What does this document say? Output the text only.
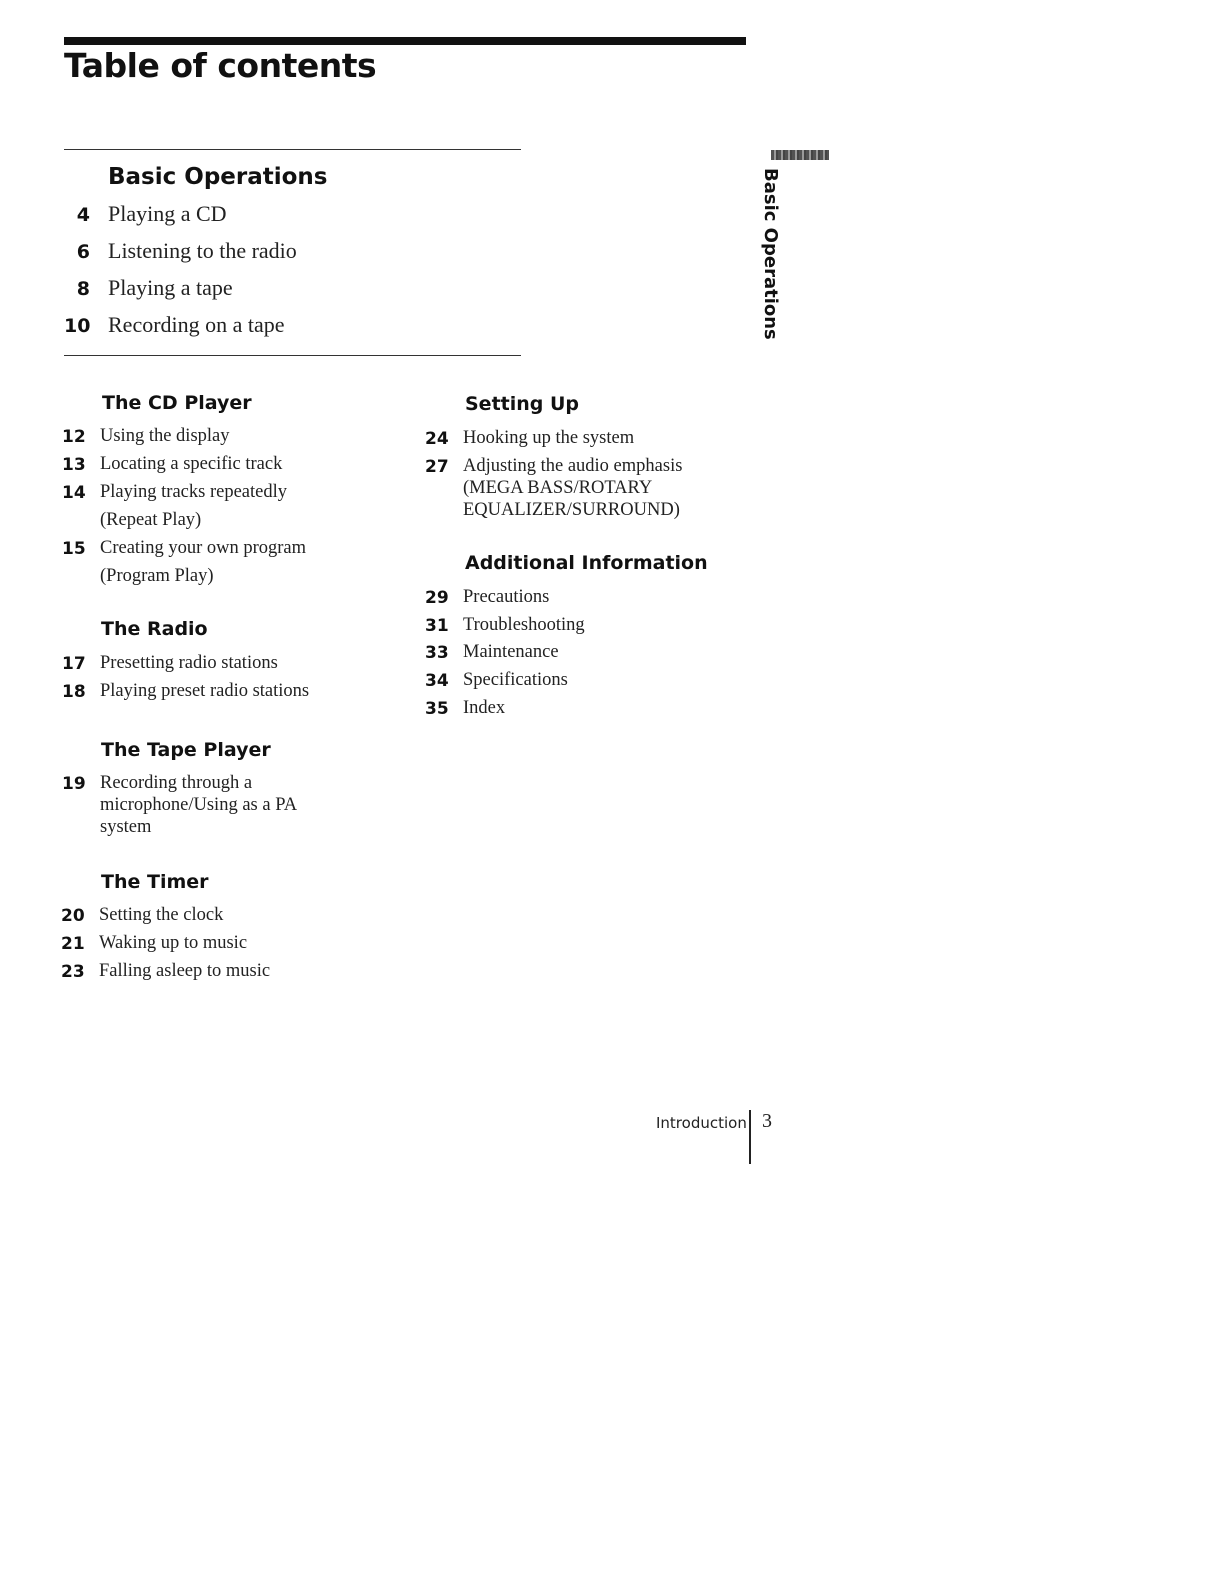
Table of contents
Basic Operations
4 Playing a CD
6 Listening to the radio
8 Playing a tape
10 Recording on a tape	Basic Operations
The CD Player
12 Using the display
13 Locating a specific track
14 Playing tracks repeatedly
(Repeat Play)
15 Creating your own program
(Program Play)
The Radio
17 Presetting radio stations
18 Playing preset radio stations
The Tape Player
19 Recording through a
microphone/Using as a PA
system
The Timer
20 Setting the clock
21 Waking up to music
23 Falling asleep to music
Setting Up
24 Hooking up the system
27 Adjusting the audio emphasis
(MEGA BASS/ROTARY
EQUALIZER/SURROUND)
Additional Information
29 Precautions
31 Troubleshooting
33 Maintenance
34 Specifications
35 Index
Introduction 3
